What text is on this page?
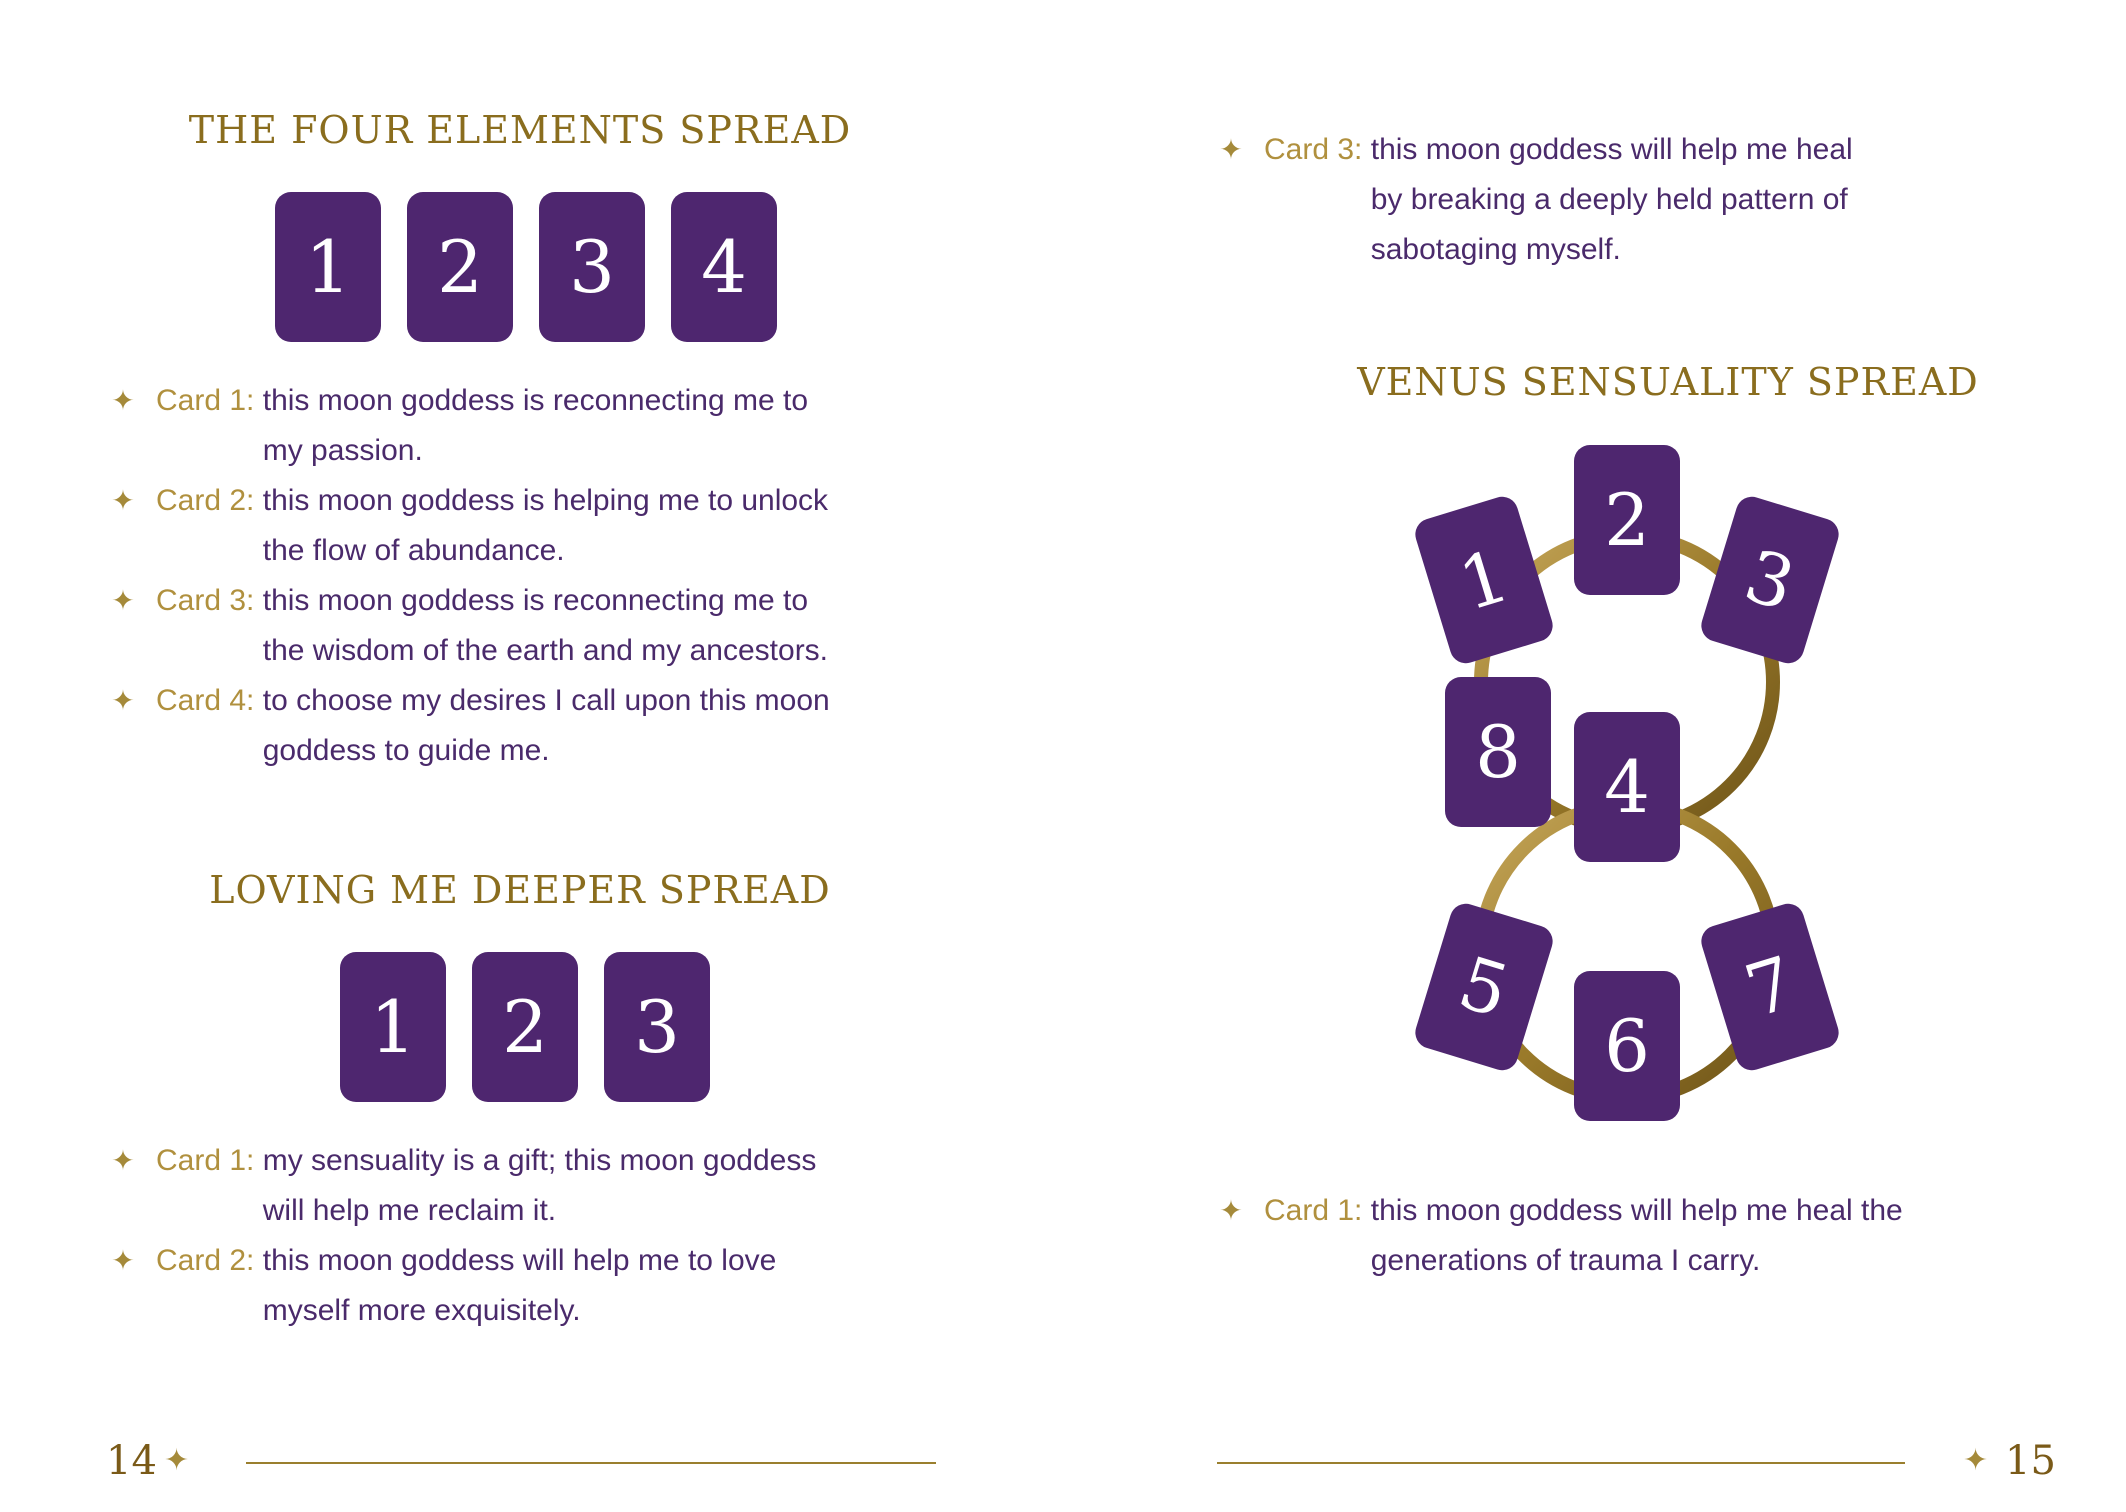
THE FOUR ELEMENTS SPREAD
1	2	3	4
✦ Card 1: this moon goddess is reconnecting me to
my passion.
✦ Card 2: this moon goddess is helping me to unlock
the flow of abundance.
✦ Card 3: this moon goddess is reconnecting me to
the wisdom of the earth and my ancestors.
✦ Card 4: to choose my desires I call upon this moon
goddess to guide me.
LOVING ME DEEPER SPREAD
1	2	3
✦ Card 1: my sensuality is a gift; this moon goddess
will help me reclaim it.
✦ Card 2: this moon goddess will help me to love
myself more exquisitely.
14 ✦
✦ Card 3: this moon goddess will help me heal
by breaking a deeply held pattern of
sabotaging myself.
VENUS SENSUALITY SPREAD
1
2
3
8 4
5
6
7
✦ Card 1: this moon goddess will help me heal the
generations of trauma I carry.
✦ 15
